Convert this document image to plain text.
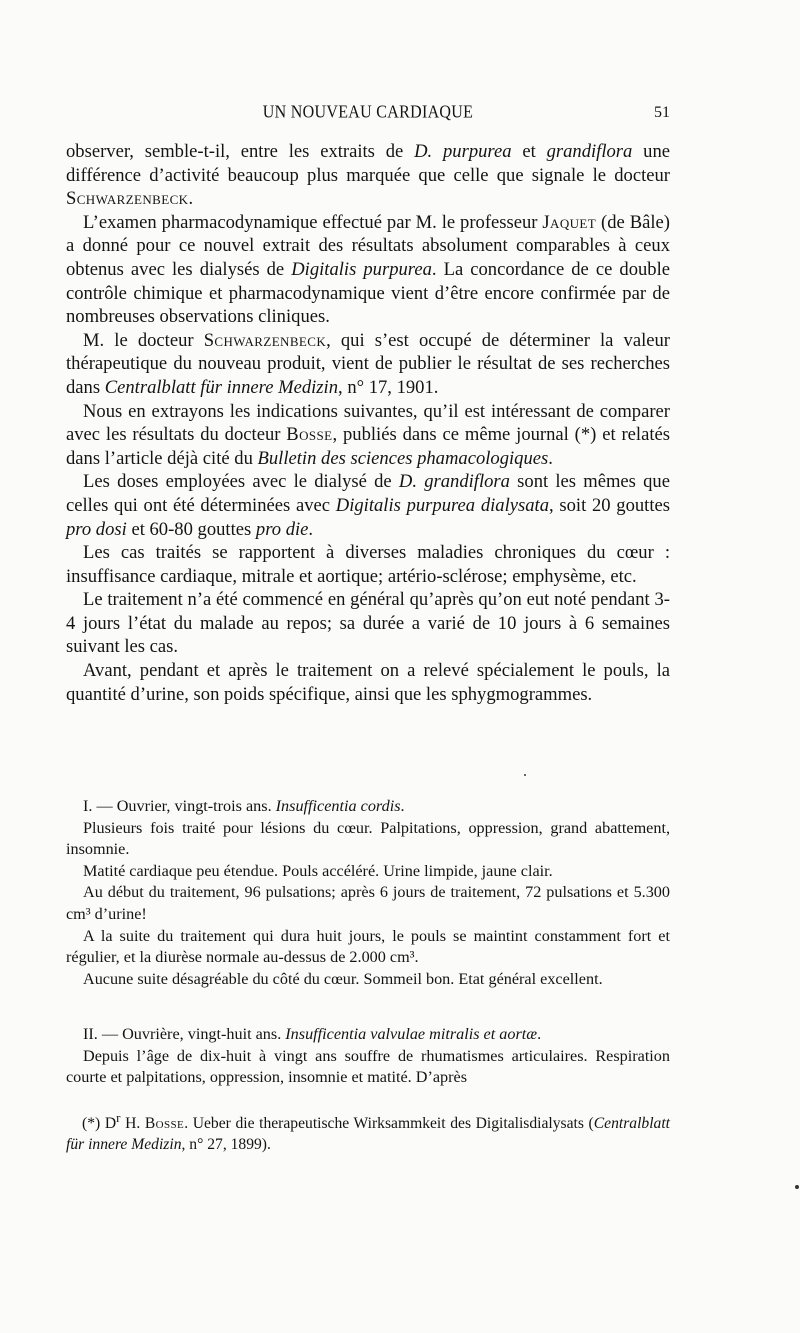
UN NOUVEAU CARDIAQUE	51

observer, semble-t-il, entre les extraits de D. purpurea et grandiflora une différence d’activité beaucoup plus marquée que celle que signale le docteur Schwarzenbeck.

L’examen pharmacodynamique effectué par M. le professeur Jaquet (de Bâle) a donné pour ce nouvel extrait des résultats absolument comparables à ceux obtenus avec les dialysés de Digitalis purpurea. La concordance de ce double contrôle chimique et pharmacodynamique vient d’être encore confirmée par de nombreuses observations cliniques.

M. le docteur Schwarzenbeck, qui s’est occupé de déterminer la valeur thérapeutique du nouveau produit, vient de publier le résultat de ses recherches dans Centralblatt für innere Medizin, n° 17, 1901.

Nous en extrayons les indications suivantes, qu’il est intéressant de comparer avec les résultats du docteur Bosse, publiés dans ce même journal (*) et relatés dans l’article déjà cité du Bulletin des sciences phamacologiques.

Les doses employées avec le dialysé de D. grandiflora sont les mêmes que celles qui ont été déterminées avec Digitalis purpurea dialysata, soit 20 gouttes pro dosi et 60-80 gouttes pro die.

Les cas traités se rapportent à diverses maladies chroniques du cœur : insuffisance cardiaque, mitrale et aortique; artério-sclérose; emphysème, etc.

Le traitement n’a été commencé en général qu’après qu’on eut noté pendant 3-4 jours l’état du malade au repos; sa durée a varié de 10 jours à 6 semaines suivant les cas.

Avant, pendant et après le traitement on a relevé spécialement le pouls, la quantité d’urine, son poids spécifique, ainsi que les sphygmogrammes.

I. — Ouvrier, vingt-trois ans. Insufficentia cordis.

Plusieurs fois traité pour lésions du cœur. Palpitations, oppression, grand abattement, insomnie.

Matité cardiaque peu étendue. Pouls accéléré. Urine limpide, jaune clair.

Au début du traitement, 96 pulsations; après 6 jours de traitement, 72 pulsations et 5.300 cm³ d’urine!

A la suite du traitement qui dura huit jours, le pouls se maintint constamment fort et régulier, et la diurèse normale au-dessus de 2.000 cm³.

Aucune suite désagréable du côté du cœur. Sommeil bon. Etat général excellent.

II. — Ouvrière, vingt-huit ans. Insufficentia valvulae mitralis et aortæ.

Depuis l’âge de dix-huit à vingt ans souffre de rhumatismes articulaires. Respiration courte et palpitations, oppression, insomnie et matité. D’après

(*) $D^r$ H. Bosse. Ueber die therapeutische Wirksammkeit des Digitalisdialysats (Centralblatt für innere Medizin, n° 27, 1899).
